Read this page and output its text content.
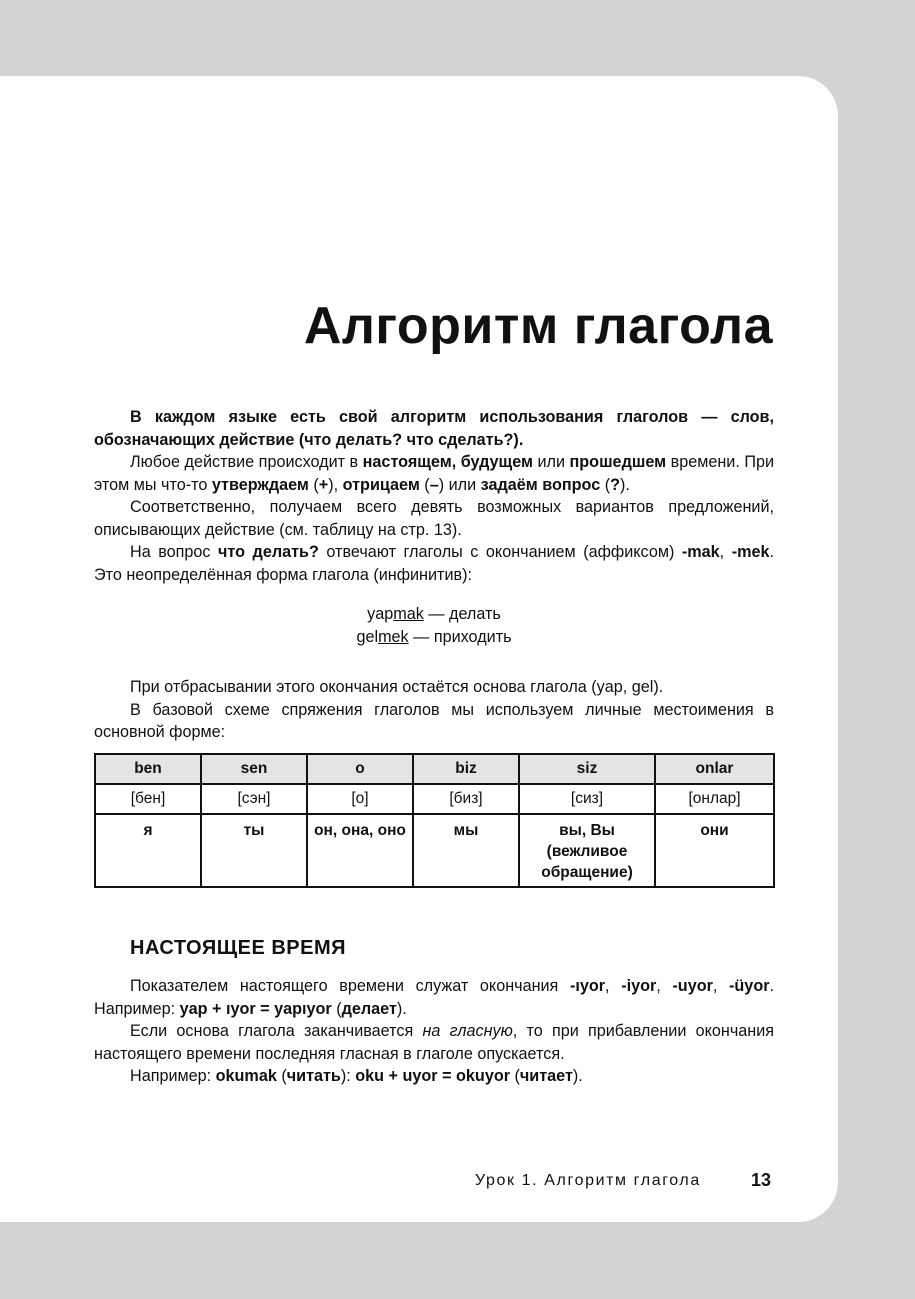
Алгоритм глагола

В каждом языке есть свой алгоритм использования глаголов — слов, обозначающих действие (что делать? что сделать?).

Любое действие происходит в настоящем, будущем или прошедшем времени. При этом мы что-то утверждаем (+), отрицаем (–) или задаём вопрос (?).

Соответственно, получаем всего девять возможных вариантов предложений, описывающих действие (см. таблицу на стр. 13).

На вопрос что делать? отвечают глаголы с окончанием (аффиксом) -mak, -mek. Это неопределённая форма глагола (инфинитив):

yapmak — делать
gelmek — приходить

При отбрасывании этого окончания остаётся основа глагола (yap, gel).

В базовой схеме спряжения глаголов мы используем личные местоимения в основной форме:

ben	sen	o	biz	siz	onlar
[бен]	[сэн]	[о]	[биз]	[сиз]	[онлар]
я	ты	он, она, оно	мы	вы, Вы (вежливое обращение)	они
НАСТОЯЩЕЕ ВРЕМЯ

Показателем настоящего времени служат окончания -ıyor, -iyor, -uyor, -üyor. Например: yap + ıyor = yapıyor (делает).

Если основа глагола заканчивается на гласную, то при прибавлении окончания настоящего времени последняя гласная в глаголе опускается.

Например: okumak (читать): oku + uyor = okuyor (читает).

Урок 1. Алгоритм глагола	13
